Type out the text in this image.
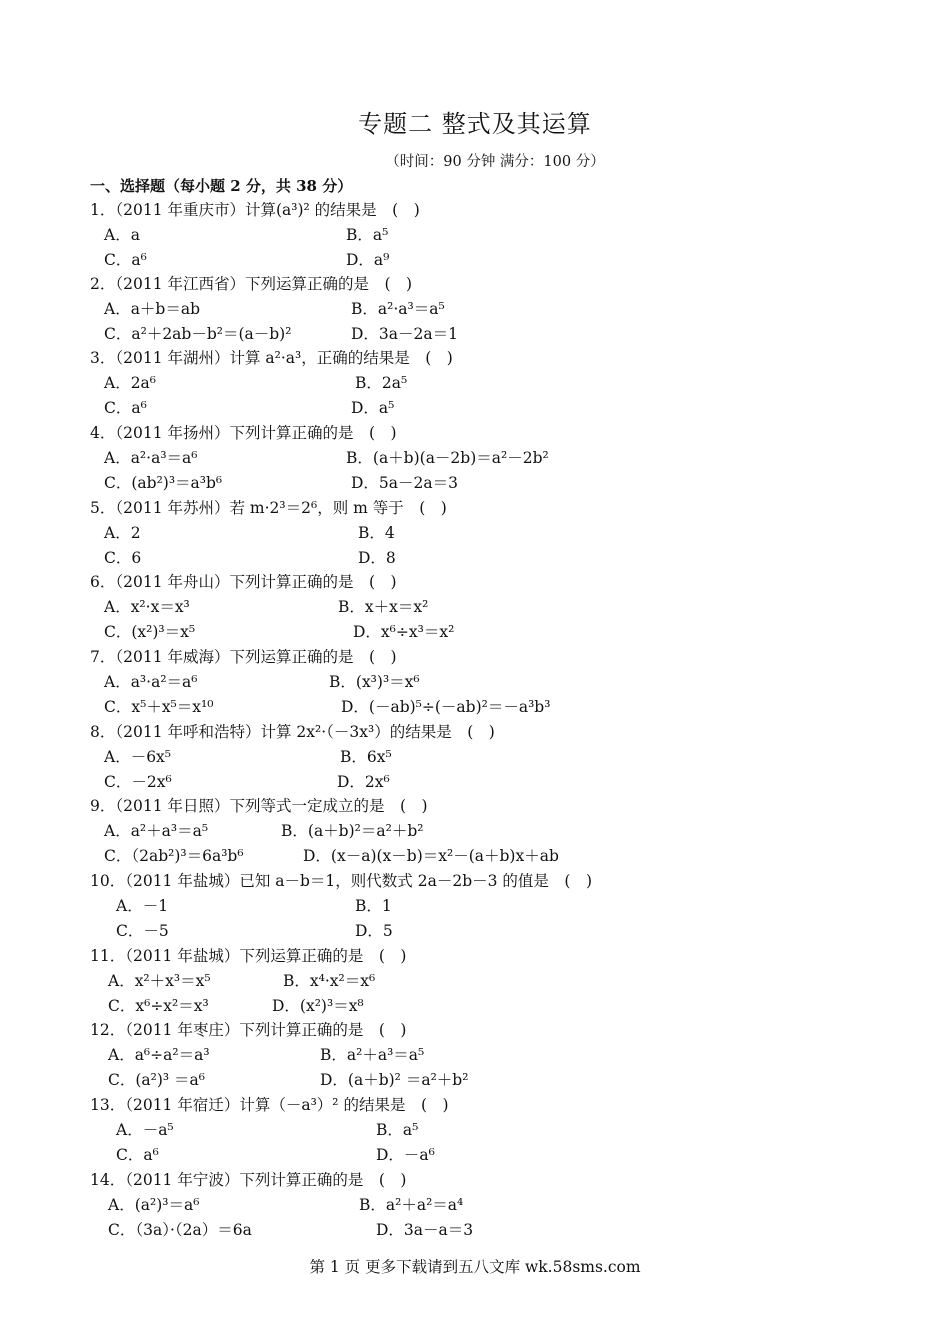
专题二 整式及其运算
（时间：90 分钟 满分：100 分）
一、选择题（每小题 2 分，共 38 分）
1．（2011 年重庆市）计算(a³)² 的结果是　(　)
A．a	B．a⁵
C．a⁶	D．a⁹
2．（2011 年江西省）下列运算正确的是　(　)
A．a＋b＝ab	B．a²·a³＝a⁵
C．a²＋2ab－b²＝(a－b)²	D．3a－2a＝1
3．（2011 年湖州）计算 a²·a³，正确的结果是　(　)
A．2a⁶	B．2a⁵
C．a⁶	D．a⁵
4．（2011 年扬州）下列计算正确的是　(　)
A．a²·a³＝a⁶	B．(a＋b)(a－2b)＝a²－2b²
C．(ab²)³＝a³b⁶	D．5a－2a＝3
5．（2011 年苏州）若 m·2³＝2⁶，则 m 等于　(　)
A．2	B．4
C．6	D．8
6．（2011 年舟山）下列计算正确的是　(　)
A．x²·x＝x³	B．x＋x＝x²
C．(x²)³＝x⁵	D．x⁶÷x³＝x²
7．（2011 年威海）下列运算正确的是　(　)
A．a³·a²＝a⁶	B．(x³)³＝x⁶
C．x⁵＋x⁵＝x¹⁰	D．(－ab)⁵÷(－ab)²＝－a³b³
8．（2011 年呼和浩特）计算 2x²·（－3x³）的结果是　(　)
A．－6x⁵	B．6x⁵
C．－2x⁶	D．2x⁶
9．（2011 年日照）下列等式一定成立的是　(　)
A．a²＋a³＝a⁵	B．(a＋b)²＝a²＋b²
C．（2ab²)³＝6a³b⁶	D．(x－a)(x－b)＝x²－(a＋b)x＋ab
10．（2011 年盐城）已知 a－b＝1，则代数式 2a－2b－3 的值是　(　)
A．－1	B．1
C．－5	D．5
11．（2011 年盐城）下列运算正确的是　(　)
A．x²＋x³＝x⁵	B．x⁴·x²＝x⁶
C．x⁶÷x²＝x³	D．(x²)³＝x⁸
12．（2011 年枣庄）下列计算正确的是　(　)
A．a⁶÷a²＝a³	B．a²＋a³＝a⁵
C．(a²)³ ＝a⁶	D．(a＋b)² ＝a²＋b²
13．（2011 年宿迁）计算（－a³）² 的结果是　(　)
A．－a⁵	B．a⁵
C．a⁶	D．－a⁶
14．（2011 年宁波）下列计算正确的是　(　)
A．(a²)³＝a⁶	B．a²＋a²＝a⁴
C．（3a）·（2a）＝6a	D．3a－a＝3
第 1 页 更多下载请到五八文库 wk.58sms.com
